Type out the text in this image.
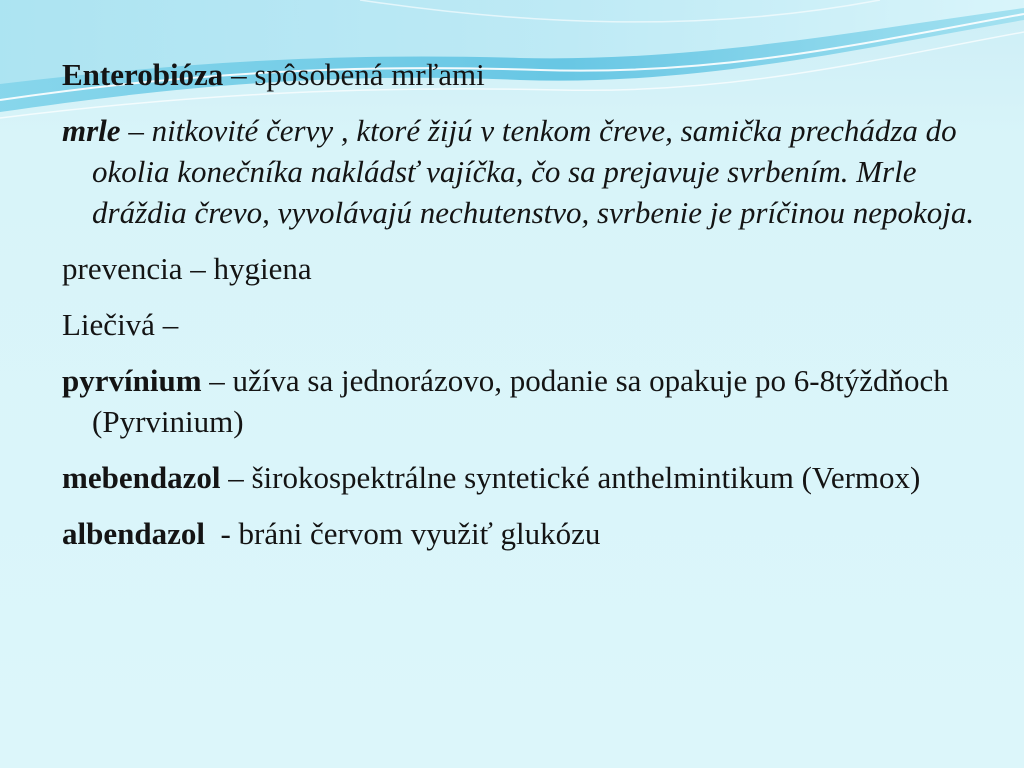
Enterobióza – spôsobená mrľami

mrle – nitkovité červy , ktoré žijú v tenkom čreve, samička prechádza do okolia konečníka nakládsť vajíčka, čo sa prejavuje svrbením. Mrle dráždia črevo, vyvolávajú nechutenstvo, svrbenie je príčinou nepokoja.

prevencia – hygiena

Liečivá –

pyrvínium – užíva sa jednorázovo, podanie sa opakuje po 6-8týždňoch (Pyrvinium)

mebendazol – širokospektrálne syntetické anthelmintikum (Vermox)

albendazol  - bráni červom využiť glukózu
